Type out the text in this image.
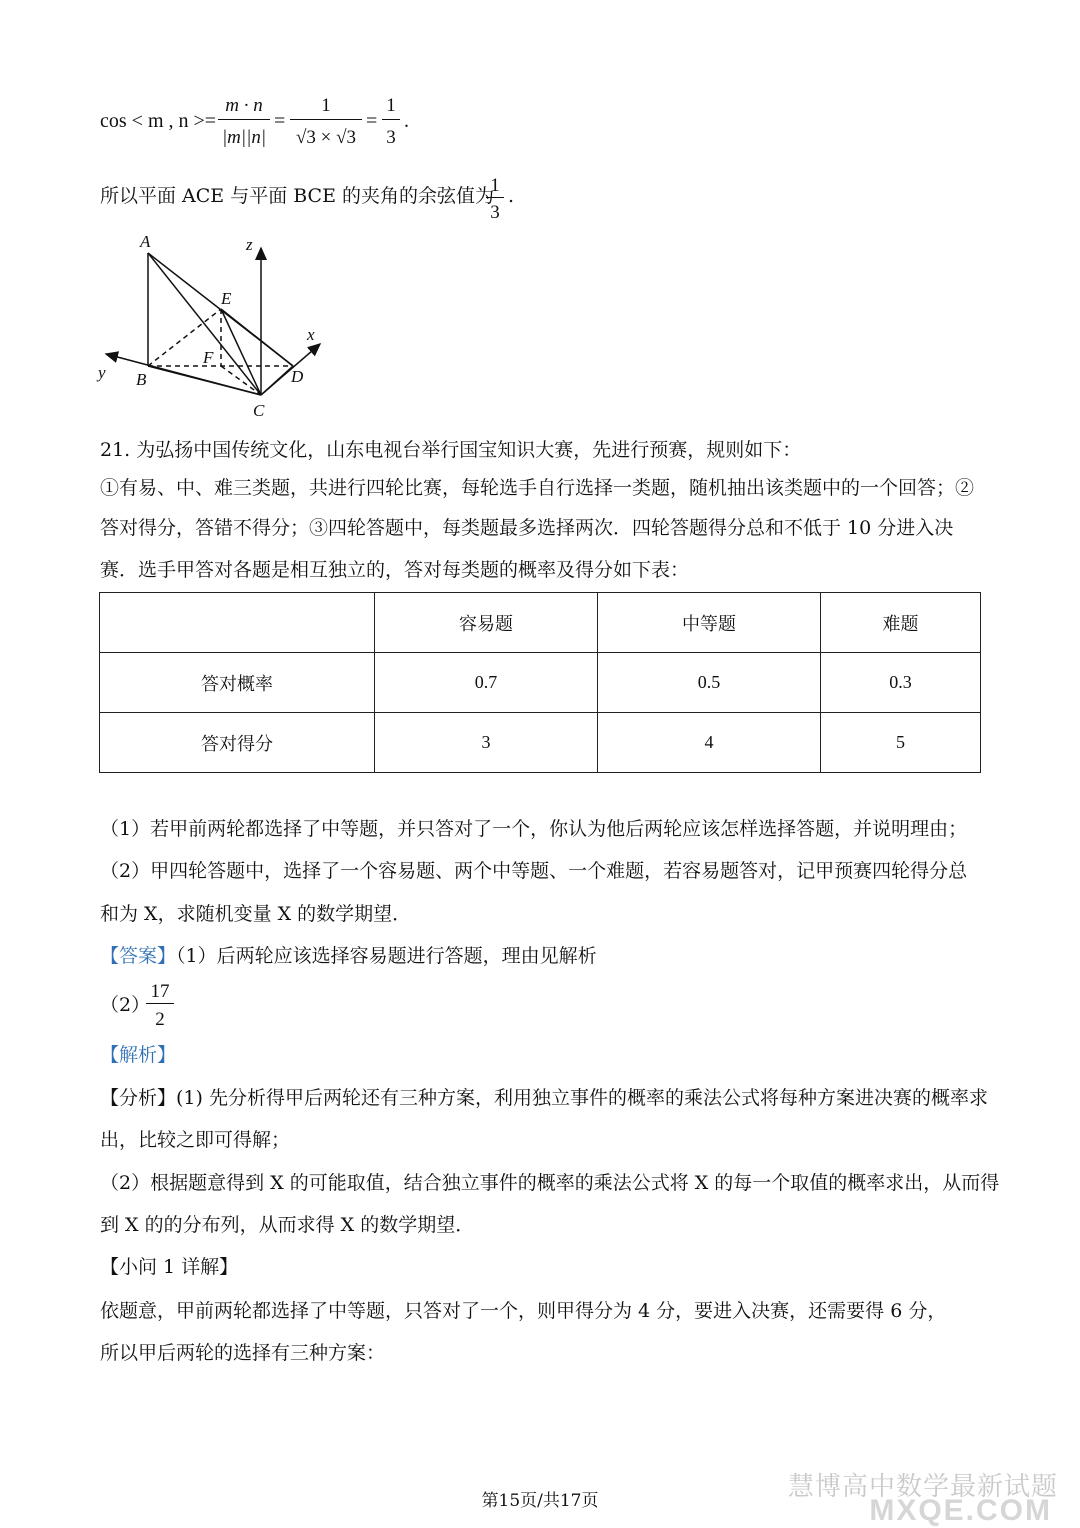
cos < m , n >=
m · n
|m||n|
=
1
√3 × √3
=
1
3
.
所以平面 ACE 与平面 BCE 的夹角的余弦值为
1
3
.
A
B
C
D
E
F
x
y
z
21. 为弘扬中国传统文化，山东电视台举行国宝知识大赛，先进行预赛，规则如下：
①有易、中、难三类题，共进行四轮比赛，每轮选手自行选择一类题，随机抽出该类题中的一个回答；②
答对得分，答错不得分；③四轮答题中，每类题最多选择两次．四轮答题得分总和不低于 10 分进入决
赛．选手甲答对各题是相互独立的，答对每类题的概率及得分如下表：
	容易题	中等题	难题
答对概率	0.7	0.5	0.3
答对得分	3	4	5
（1）若甲前两轮都选择了中等题，并只答对了一个，你认为他后两轮应该怎样选择答题，并说明理由；
（2）甲四轮答题中，选择了一个容易题、两个中等题、一个难题，若容易题答对，记甲预赛四轮得分总
和为 X，求随机变量 X 的数学期望．
【答案】（1）后两轮应该选择容易题进行答题，理由见解析
（2）
17
2
【解析】
【分析】(1) 先分析得甲后两轮还有三种方案，利用独立事件的概率的乘法公式将每种方案进决赛的概率求
出，比较之即可得解；
（2）根据题意得到 X 的可能取值，结合独立事件的概率的乘法公式将 X 的每一个取值的概率求出，从而得
到 X 的的分布列，从而求得 X 的数学期望．
【小问 1 详解】
依题意，甲前两轮都选择了中等题，只答对了一个，则甲得分为 4 分，要进入决赛，还需要得 6 分，
所以甲后两轮的选择有三种方案：
第15页/共17页	慧博高中数学最新试题
MXQE.COM
